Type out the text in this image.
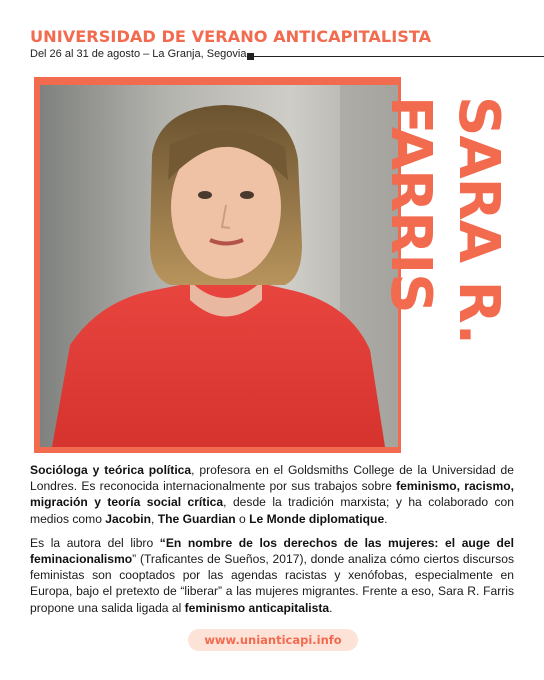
UNIVERSIDAD DE VERANO ANTICAPITALISTA
Del 26 al 31 de agosto – La Granja, Segovia
SARA R.
FARRIS

Socióloga y teórica política, profesora en el Goldsmiths College de la Universidad de Londres. Es reconocida internacionalmente por sus trabajos sobre feminismo, racismo, migración y teoría social crítica, desde la tradición marxista; y ha colaborado con medios como Jacobin, The Guardian o Le Monde diplomatique.

Es la autora del libro “En nombre de los derechos de las mujeres: el auge del feminacionalismo” (Traficantes de Sueños, 2017), donde analiza cómo ciertos discursos feministas son cooptados por las agendas racistas y xenófobas, especialmente en Europa, bajo el pretexto de “liberar” a las mujeres migrantes. Frente a eso, Sara R. Farris propone una salida ligada al feminismo anticapitalista.

www.unianticapi.info
